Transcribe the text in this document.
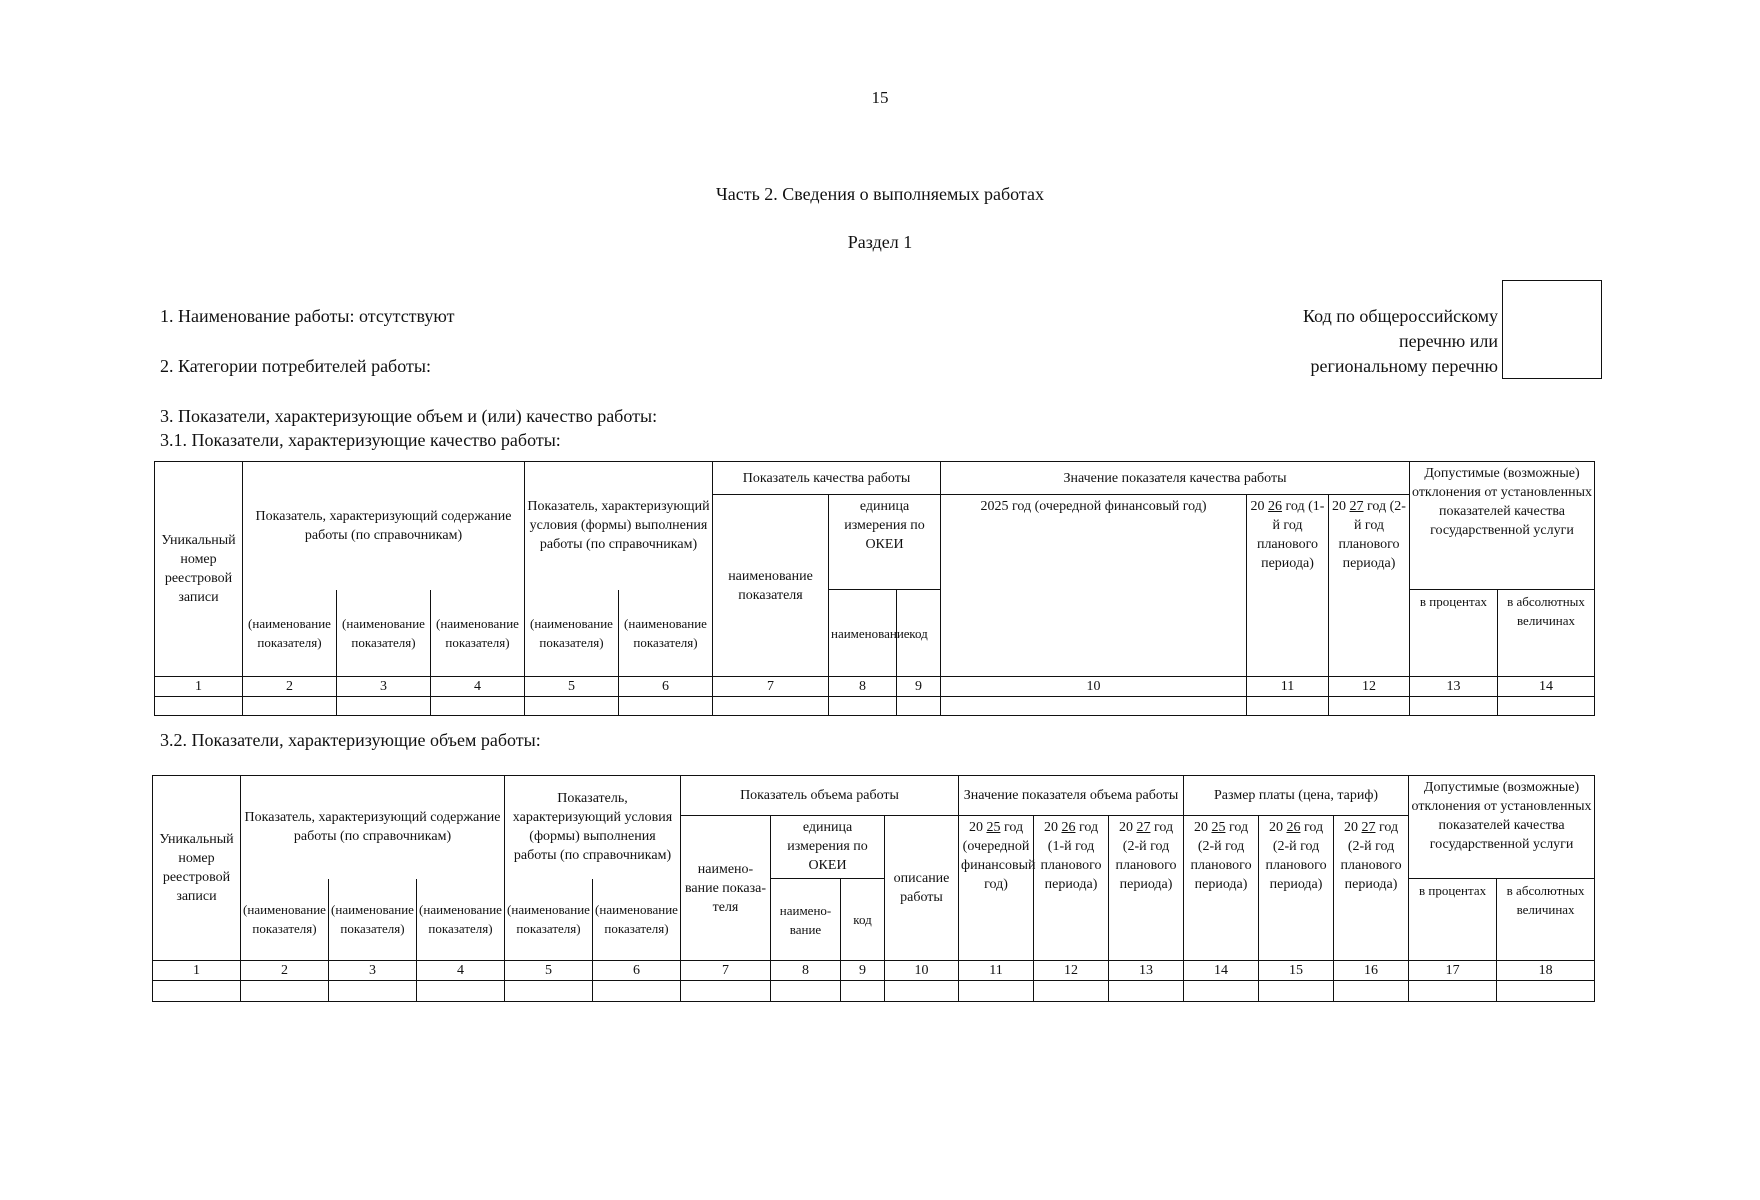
15
Часть 2. Сведения о выполняемых работах
Раздел 1
1. Наименование работы: отсутствуют
2. Категории потребителей работы:
Код по общероссийскому
перечню или
региональному перечню
3. Показатели, характеризующие объем и (или) качество работы:
3.1. Показатели, характеризующие качество работы:
Уникальный номер реестровой записи	Показатель, характеризующий содержание работы (по справочникам)			Показатель, характеризующий условия (формы) выполнения работы (по справочникам)		Показатель качества работы			Значение показателя качества работы			Допустимые (возможные) отклонения от установленных показателей качества государственной услуги	
						наименование показателя	единица измерения по ОКЕИ		2025 год (очередной финансовый год)	20 26 год (1-й год планового периода)	20 27 год (2-й год планового периода)		
	(наименование показателя)	(наименование показателя)	(наименование показателя)	(наименование показателя)	(наименование показателя)		наименование	код				в процентах	в абсолютных величинах
1	2	3	4	5	6	7	8	9	10	11	12	13	14

3.2. Показатели, характеризующие объем работы:
Уникальный номер реестровой записи	Показатель, характеризующий содержание работы (по справочникам)			Показатель, характеризующий условия (формы) выполнения работы (по справочникам)		Показатель объема работы				Значение показателя объема работы			Размер платы (цена, тариф)			Допустимые (возможные) отклонения от установленных показателей качества государственной услуги	
						наимено-вание показа-теля	единица измерения по ОКЕИ		описание работы	20 25 год (очередной финансовый год)	20 26 год (1-й год планового периода)	20 27 год (2-й год планового периода)	20 25 год (2-й год планового периода)	20 26 год (2-й год планового периода)	20 27 год (2-й год планового периода)		
	(наименование показателя)	(наименование показателя)	(наименование показателя)	(наименование показателя)	(наименование показателя)		наимено-вание	код								в процентах	в абсолютных величинах
1	2	3	4	5	6	7	8	9	10	11	12	13	14	15	16	17	18
